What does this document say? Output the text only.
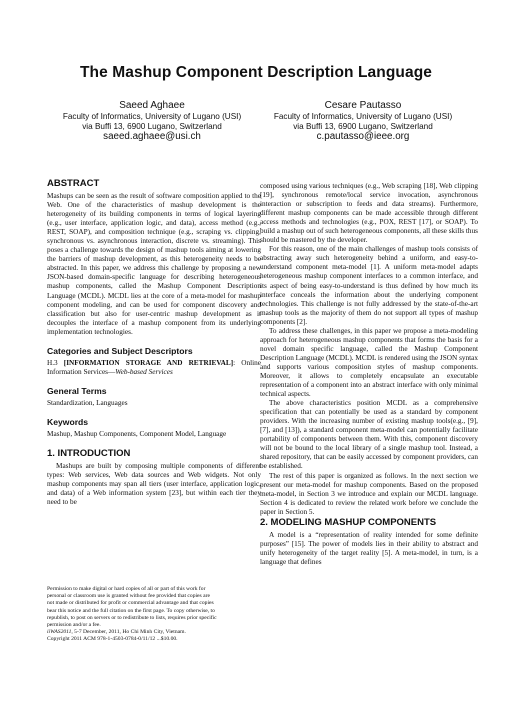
The Mashup Component Description Language
Saeed Aghaee
Faculty of Informatics, University of Lugano (USI)
via Buffi 13, 6900 Lugano, Switzerland
saeed.aghaee@usi.ch
Cesare Pautasso
Faculty of Informatics, University of Lugano (USI)
via Buffi 13, 6900 Lugano, Switzerland
c.pautasso@ieee.org
ABSTRACT

Mashups can be seen as the result of software composition applied to the Web. One of the characteristics of mashup development is the heterogeneity of its building components in terms of logical layering (e.g., user interface, application logic, and data), access method (e.g., REST, SOAP), and composition technique (e.g., scraping vs. clipping, synchronous vs. asynchronous interaction, discrete vs. streaming). This poses a challenge towards the design of mashup tools aiming at lowering the barriers of mashup development, as this heterogeneity needs to be abstracted. In this paper, we address this challenge by proposing a new JSON-based domain-specific language for describing heterogeneous mashup components, called the Mashup Component Description Language (MCDL). MCDL lies at the core of a meta-model for mashup component modeling, and can be used for component discovery and classification but also for user-centric mashup development as it decouples the interface of a mashup component from its underlying implementation technologies.

Categories and Subject Descriptors

H.3 [INFORMATION STORAGE AND RETRIEVAL]: Online Information Services—Web-based Services

General Terms

Standardization, Languages

Keywords

Mashup, Mashup Components, Component Model, Language

1. INTRODUCTION

Mashups are built by composing multiple components of different types: Web services, Web data sources and Web widgets. Not only mashup components may span all tiers (user interface, application logic, and data) of a Web information system [23], but within each tier they need to be

Permission to make digital or hard copies of all or part of this work for
personal or classroom use is granted without fee provided that copies are
not made or distributed for profit or commercial advantage and that copies
bear this notice and the full citation on the first page. To copy otherwise, to
republish, to post on servers or to redistribute to lists, requires prior specific
permission and/or a fee.
iiWAS2011, 5-7 December, 2011, Ho Chi Minh City, Vietnam.
Copyright 2011 ACM 978-1-4503-0784-0/11/12 ...$10.00.

composed using various techniques (e.g., Web scraping [18], Web clipping [19], synchronous remote/local service invocation, asynchronous interaction or subscription to feeds and data streams). Furthermore, different mashup components can be made accessible through different access methods and technologies (e.g., POX, REST [17], or SOAP). To build a mashup out of such heterogeneous components, all these skills thus should be mastered by the developer.

For this reason, one of the main challenges of mashup tools consists of abstracting away such heterogeneity behind a uniform, and easy-to-understand component meta-model [1]. A uniform meta-model adapts heterogeneous mashup component interfaces to a common interface, and its aspect of being easy-to-understand is thus defined by how much its interface conceals the information about the underlying component technologies. This challenge is not fully addressed by the state-of-the-art mashup tools as the majority of them do not support all types of mashup components [2].

To address these challenges, in this paper we propose a meta-modeling approach for heterogeneous mashup components that forms the basis for a novel domain specific language, called the Mashup Component Description Language (MCDL). MCDL is rendered using the JSON syntax and supports various composition styles of mashup components. Moreover, it allows to completely encapsulate an executable representation of a component into an abstract interface with only minimal technical aspects.

The above characteristics position MCDL as a comprehensive specification that can potentially be used as a standard by component providers. With the increasing number of existing mashup tools(e.g., [9], [7], and [13]), a standard component meta-model can potentially facilitate portability of components between them. With this, component discovery will not be bound to the local library of a single mashup tool. Instead, a shared repository, that can be easily accessed by component providers, can be established.

The rest of this paper is organized as follows. In the next section we present our meta-model for mashup components. Based on the proposed meta-model, in Section 3 we introduce and explain our MCDL language. Section 4 is dedicated to review the related work before we conclude the paper in Section 5.

2. MODELING MASHUP COMPONENTS

A model is a “representation of reality intended for some definite purposes” [15]. The power of models lies in their ability to abstract and unify heterogeneity of the target reality [5]. A meta-model, in turn, is a language that defines
